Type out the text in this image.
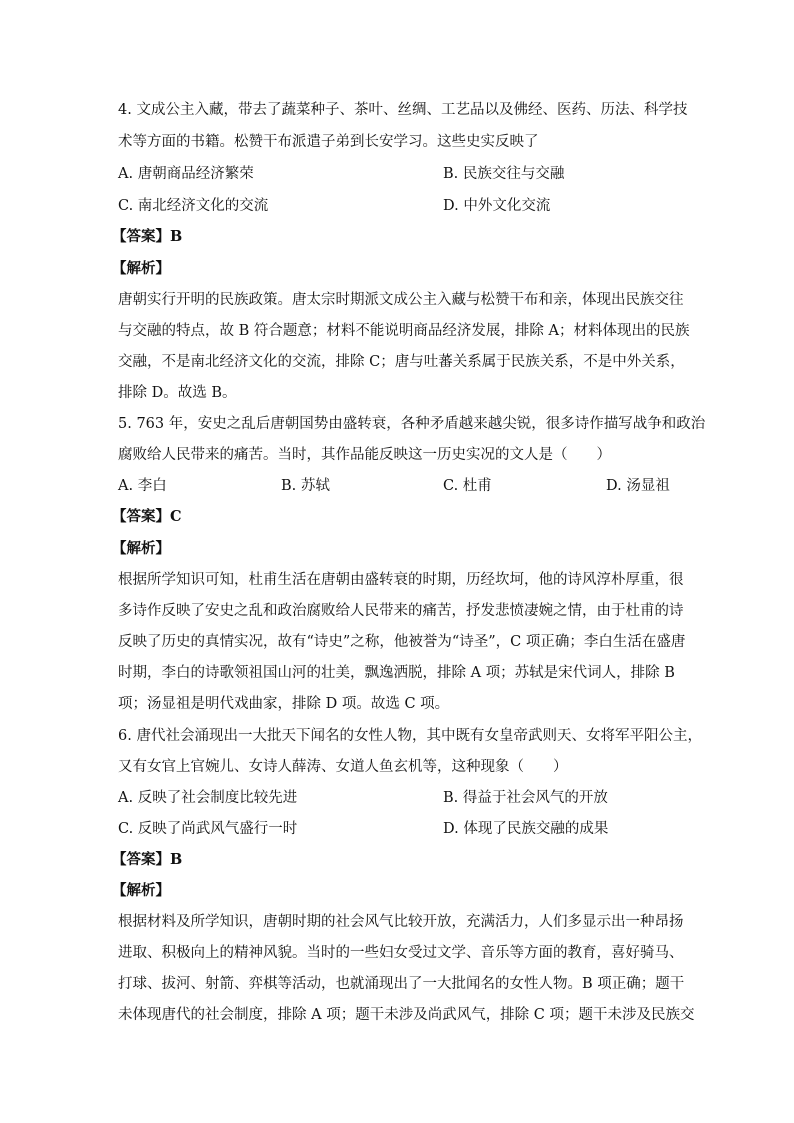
4. 文成公主入藏，带去了蔬菜种子、茶叶、丝绸、工艺品以及佛经、医药、历法、科学技
术等方面的书籍。松赞干布派遣子弟到长安学习。这些史实反映了
A. 唐朝商品经济繁荣	B. 民族交往与交融
C. 南北经济文化的交流	D. 中外文化交流
【答案】B
【解析】
唐朝实行开明的民族政策。唐太宗时期派文成公主入藏与松赞干布和亲，体现出民族交往
与交融的特点，故 B 符合题意；材料不能说明商品经济发展，排除 A；材料体现出的民族
交融，不是南北经济文化的交流，排除 C；唐与吐蕃关系属于民族关系，不是中外关系，
排除 D。故选 B。
5. 763 年，安史之乱后唐朝国势由盛转衰，各种矛盾越来越尖锐，很多诗作描写战争和政治
腐败给人民带来的痛苦。当时，其作品能反映这一历史实况的文人是（　　）
A. 李白	B. 苏轼	C. 杜甫	D. 汤显祖
【答案】C
【解析】
根据所学知识可知，杜甫生活在唐朝由盛转衰的时期，历经坎坷，他的诗风淳朴厚重，很
多诗作反映了安史之乱和政治腐败给人民带来的痛苦，抒发悲愤凄婉之情，由于杜甫的诗
反映了历史的真情实况，故有“诗史”之称，他被誉为“诗圣”，C 项正确；李白生活在盛唐
时期，李白的诗歌领祖国山河的壮美，飘逸洒脱，排除 A 项；苏轼是宋代词人，排除 B
项；汤显祖是明代戏曲家，排除 D 项。故选 C 项。
6. 唐代社会涌现出一大批天下闻名的女性人物，其中既有女皇帝武则天、女将军平阳公主，
又有女官上官婉儿、女诗人薛涛、女道人鱼玄机等，这种现象（　　）
A. 反映了社会制度比较先进	B. 得益于社会风气的开放
C. 反映了尚武风气盛行一时	D. 体现了民族交融的成果
【答案】B
【解析】
根据材料及所学知识，唐朝时期的社会风气比较开放，充满活力，人们多显示出一种昂扬
进取、积极向上的精神风貌。当时的一些妇女受过文学、音乐等方面的教育，喜好骑马、
打球、拔河、射箭、弈棋等活动，也就涌现出了一大批闻名的女性人物。B 项正确；题干
未体现唐代的社会制度，排除 A 项；题干未涉及尚武风气，排除 C 项；题干未涉及民族交
